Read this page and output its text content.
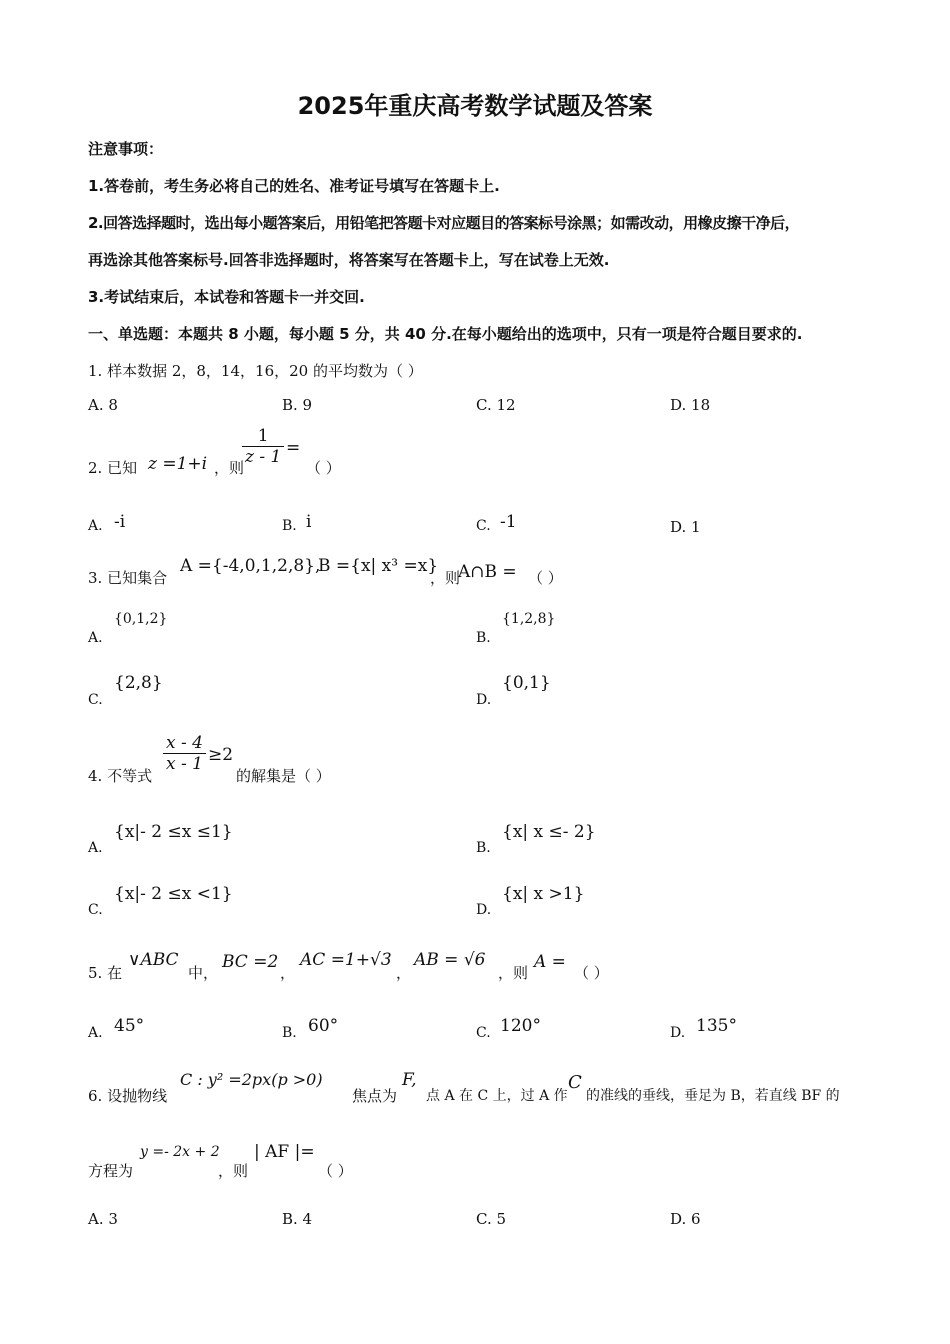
2025年重庆高考数学试题及答案
注意事项：
1.答卷前，考生务必将自己的姓名、准考证号填写在答题卡上.
2.回答选择题时，选出每小题答案后，用铅笔把答题卡对应题目的答案标号涂黑；如需改动，用橡皮擦干净后，
再选涂其他答案标号.回答非选择题时，将答案写在答题卡上，写在试卷上无效.
3.考试结束后，本试卷和答题卡一并交回.
一、单选题：本题共 8 小题，每小题 5 分，共 40 分.在每小题给出的选项中，只有一项是符合题目要求的.
1. 样本数据 2，8，14，16，20 的平均数为（ ）
A. 8	B. 9	C. 12	D. 18
2. 已知 z =1+i ，则
$\frac{1}{z - 1}$ =
（ ）
A. -i	B. i	C. -1	D. 1
3. 已知集合
A ={-4,0,1,2,8},
B ={x| x³ =x}
，则
A∩B = （ ）
{0,1,2}
A.
{1,2,8}
B.
{2,8}
C.
{0,1}
D.
4. 不等式
$\frac{x - 4}{x - 1} \ge 2$
的解集是（ ）
{x|- 2 ≤x ≤1}
A.
{x| x ≤- 2}
B.
{x|- 2 ≤x <1}
C.
{x| x >1}
D.
5. 在
∨ABC
中，
BC =2
，
AC =1+√3
，
AB = √6
，则
A =
（ ）
A. 45°	B. 60°	C. 120°	D. 135°
6. 设抛物线
C : y² =2px(p >0)
焦点为
F,
点 A 在 C 上，过 A 作
C
的准线的垂线，垂足为 B，若直线 BF 的
方程为
y =- 2x + 2
，则
| AF |=
（ ）
A. 3	B. 4	C. 5	D. 6
